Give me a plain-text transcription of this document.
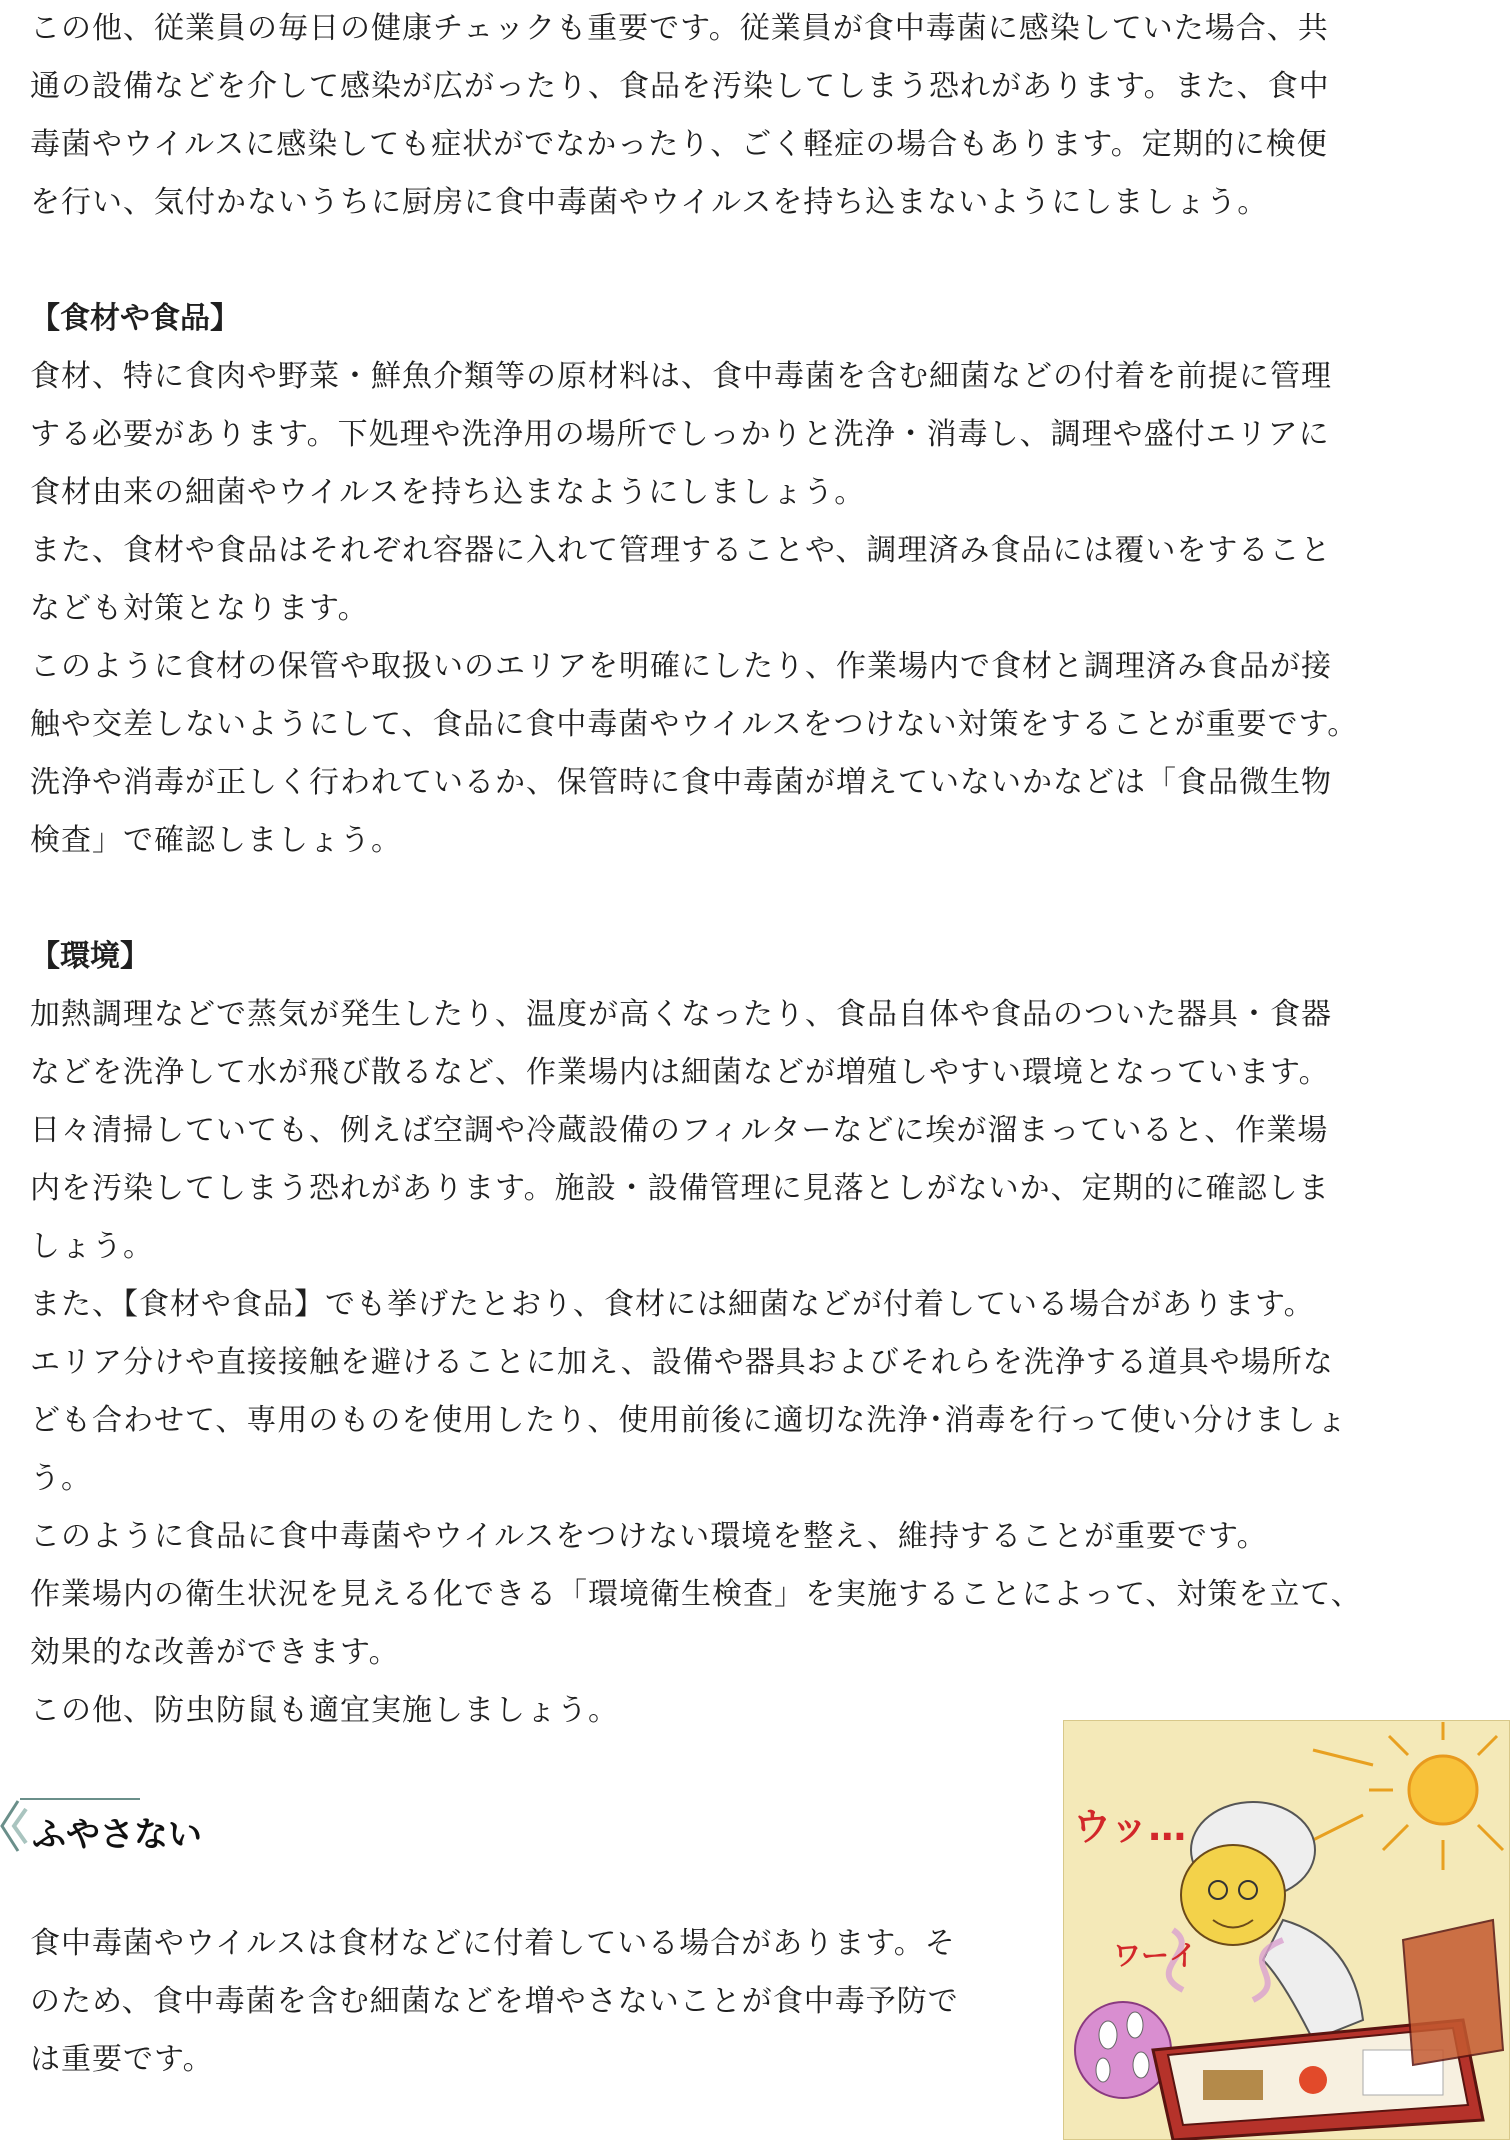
この他、従業員の毎日の健康チェックも重要です。従業員が食中毒菌に感染していた場合、共

通の設備などを介して感染が広がったり、食品を汚染してしまう恐れがあります。また、食中

毒菌やウイルスに感染しても症状がでなかったり、ごく軽症の場合もあります。定期的に検便

を行い、気付かないうちに厨房に食中毒菌やウイルスを持ち込まないようにしましょう。

【食材や食品】

食材、特に食肉や野菜・鮮魚介類等の原材料は、食中毒菌を含む細菌などの付着を前提に管理

する必要があります。下処理や洗浄用の場所でしっかりと洗浄・消毒し、調理や盛付エリアに

食材由来の細菌やウイルスを持ち込まなようにしましょう。

また、食材や食品はそれぞれ容器に入れて管理することや、調理済み食品には覆いをすること

なども対策となります。

このように食材の保管や取扱いのエリアを明確にしたり、作業場内で食材と調理済み食品が接

触や交差しないようにして、食品に食中毒菌やウイルスをつけない対策をすることが重要です。

洗浄や消毒が正しく行われているか、保管時に食中毒菌が増えていないかなどは「食品微生物

検査」で確認しましょう。

【環境】

加熱調理などで蒸気が発生したり、温度が高くなったり、食品自体や食品のついた器具・食器

などを洗浄して水が飛び散るなど、作業場内は細菌などが増殖しやすい環境となっています。

日々清掃していても、例えば空調や冷蔵設備のフィルターなどに埃が溜まっていると、作業場

内を汚染してしまう恐れがあります。施設・設備管理に見落としがないか、定期的に確認しま

しょう。

また、【食材や食品】でも挙げたとおり、食材には細菌などが付着している場合があります。

エリア分けや直接接触を避けることに加え、設備や器具およびそれらを洗浄する道具や場所な

ども合わせて、専用のものを使用したり、使用前後に適切な洗浄･消毒を行って使い分けましょ

う。

このように食品に食中毒菌やウイルスをつけない環境を整え、維持することが重要です。

作業場内の衛生状況を見える化できる「環境衛生検査」を実施することによって、対策を立て、

効果的な改善ができます。

この他、防虫防鼠も適宜実施しましょう。

ふやさない
食中毒菌やウイルスは食材などに付着している場合があります。そ
のため、食中毒菌を含む細菌などを増やさないことが食中毒予防で
は重要です。
ウッ…
ワーイ
